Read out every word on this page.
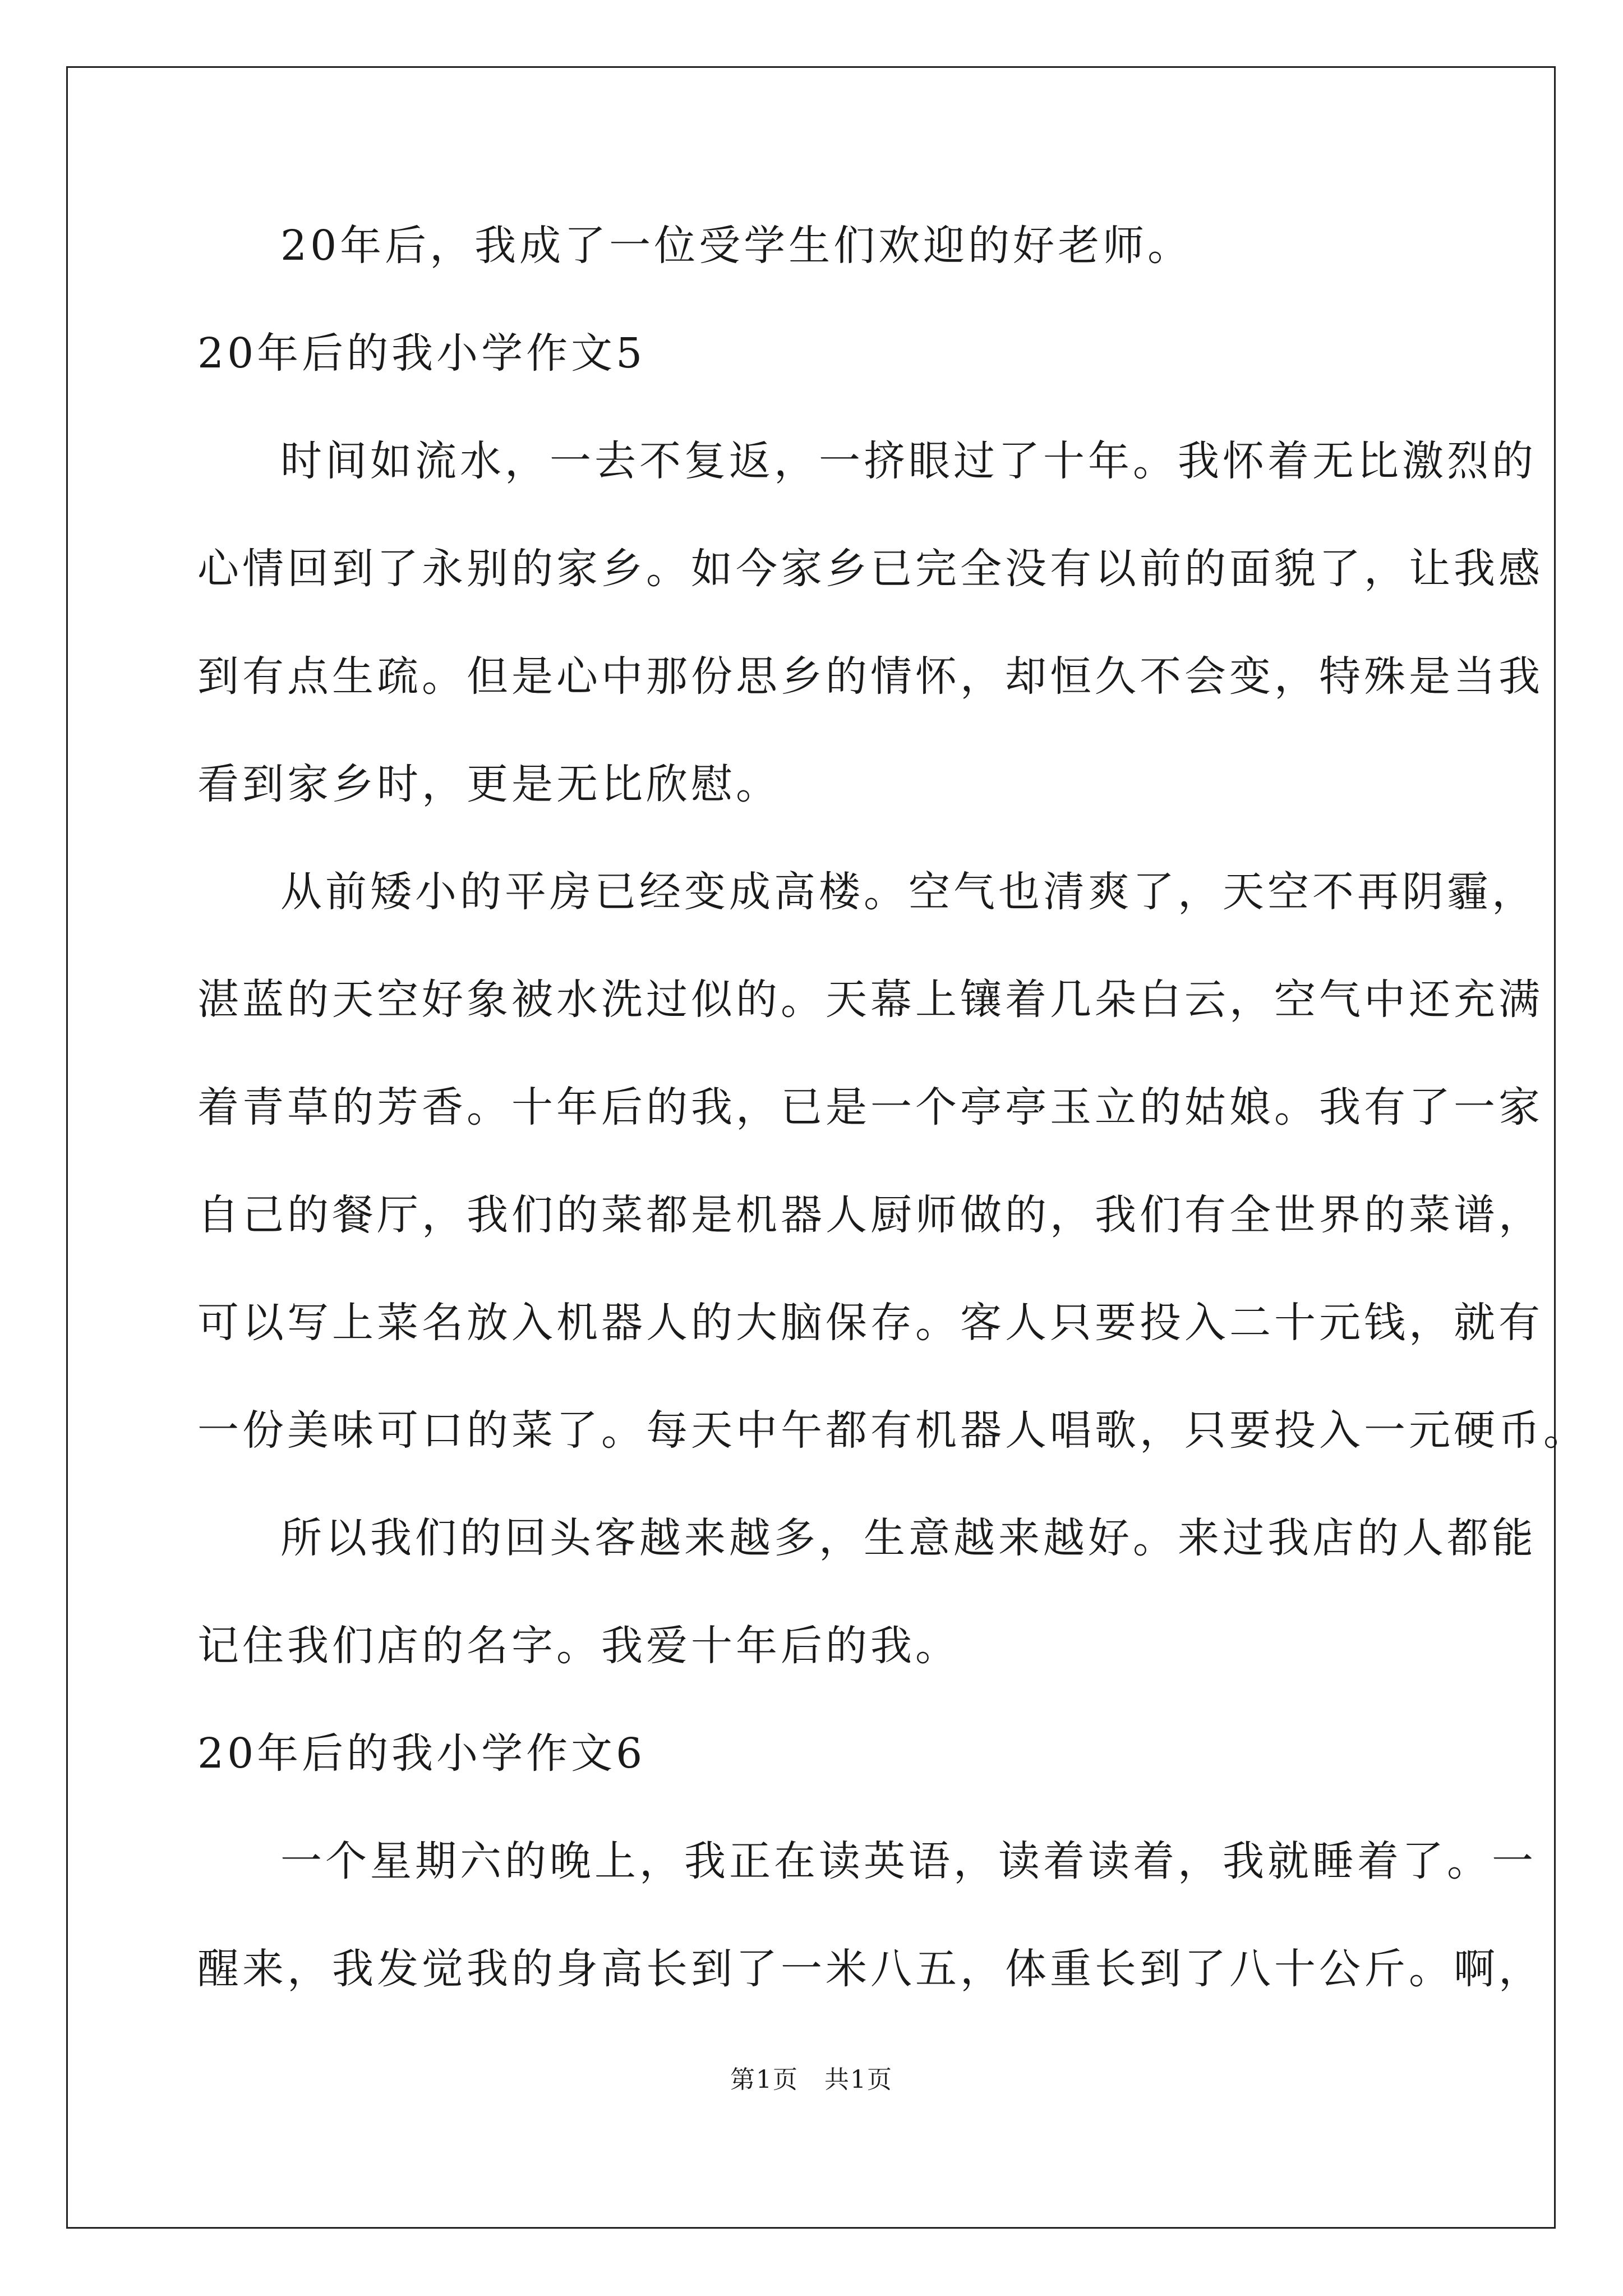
20年后，我成了一位受学生们欢迎的好老师。
20年后的我小学作文5
时间如流水，一去不复返，一挤眼过了十年。我怀着无比激烈的
心情回到了永别的家乡。如今家乡已完全没有以前的面貌了，让我感
到有点生疏。但是心中那份思乡的情怀，却恒久不会变，特殊是当我
看到家乡时，更是无比欣慰。
从前矮小的平房已经变成高楼。空气也清爽了，天空不再阴霾，
湛蓝的天空好象被水洗过似的。天幕上镶着几朵白云，空气中还充满
着青草的芳香。十年后的我，已是一个亭亭玉立的姑娘。我有了一家
自己的餐厅，我们的菜都是机器人厨师做的，我们有全世界的菜谱，
可以写上菜名放入机器人的大脑保存。客人只要投入二十元钱，就有
一份美味可口的菜了。每天中午都有机器人唱歌，只要投入一元硬币。
所以我们的回头客越来越多，生意越来越好。来过我店的人都能
记住我们店的名字。我爱十年后的我。
20年后的我小学作文6
一个星期六的晚上，我正在读英语，读着读着，我就睡着了。一
醒来，我发觉我的身高长到了一米八五，体重长到了八十公斤。啊，
第1页　共1页
